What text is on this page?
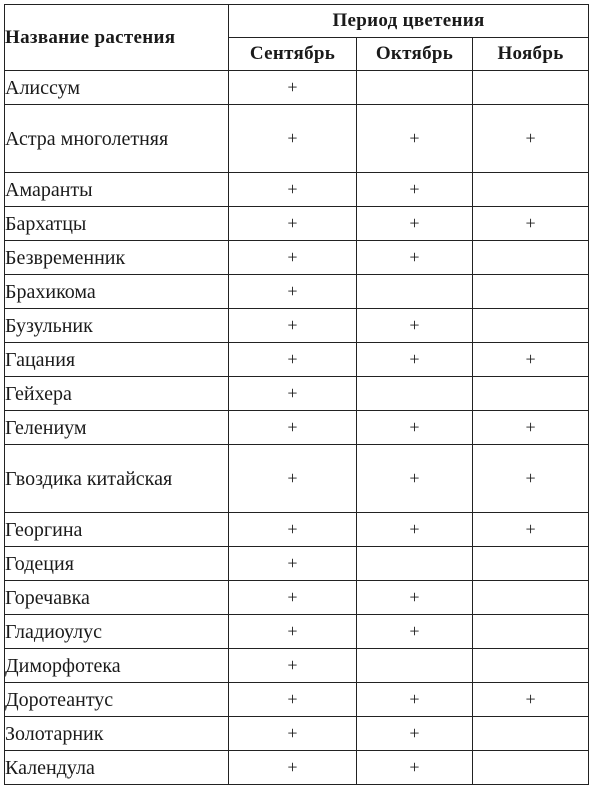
Название растения	Период цветения		
	Сентябрь	Октябрь	Ноябрь
Алиссум	+		
Астра многолетняя	+	+	+
Амаранты	+	+	
Бархатцы	+	+	+
Безвременник	+	+	
Брахикома	+		
Бузульник	+	+	
Гацания	+	+	+
Гейхера	+		
Гелениум	+	+	+
Гвоздика китайская	+	+	+
Георгина	+	+	+
Годеция	+		
Горечавка	+	+	
Гладиоулус	+	+	
Диморфотека	+		
Доротеантус	+	+	+
Золотарник	+	+	
Календула	+	+	
